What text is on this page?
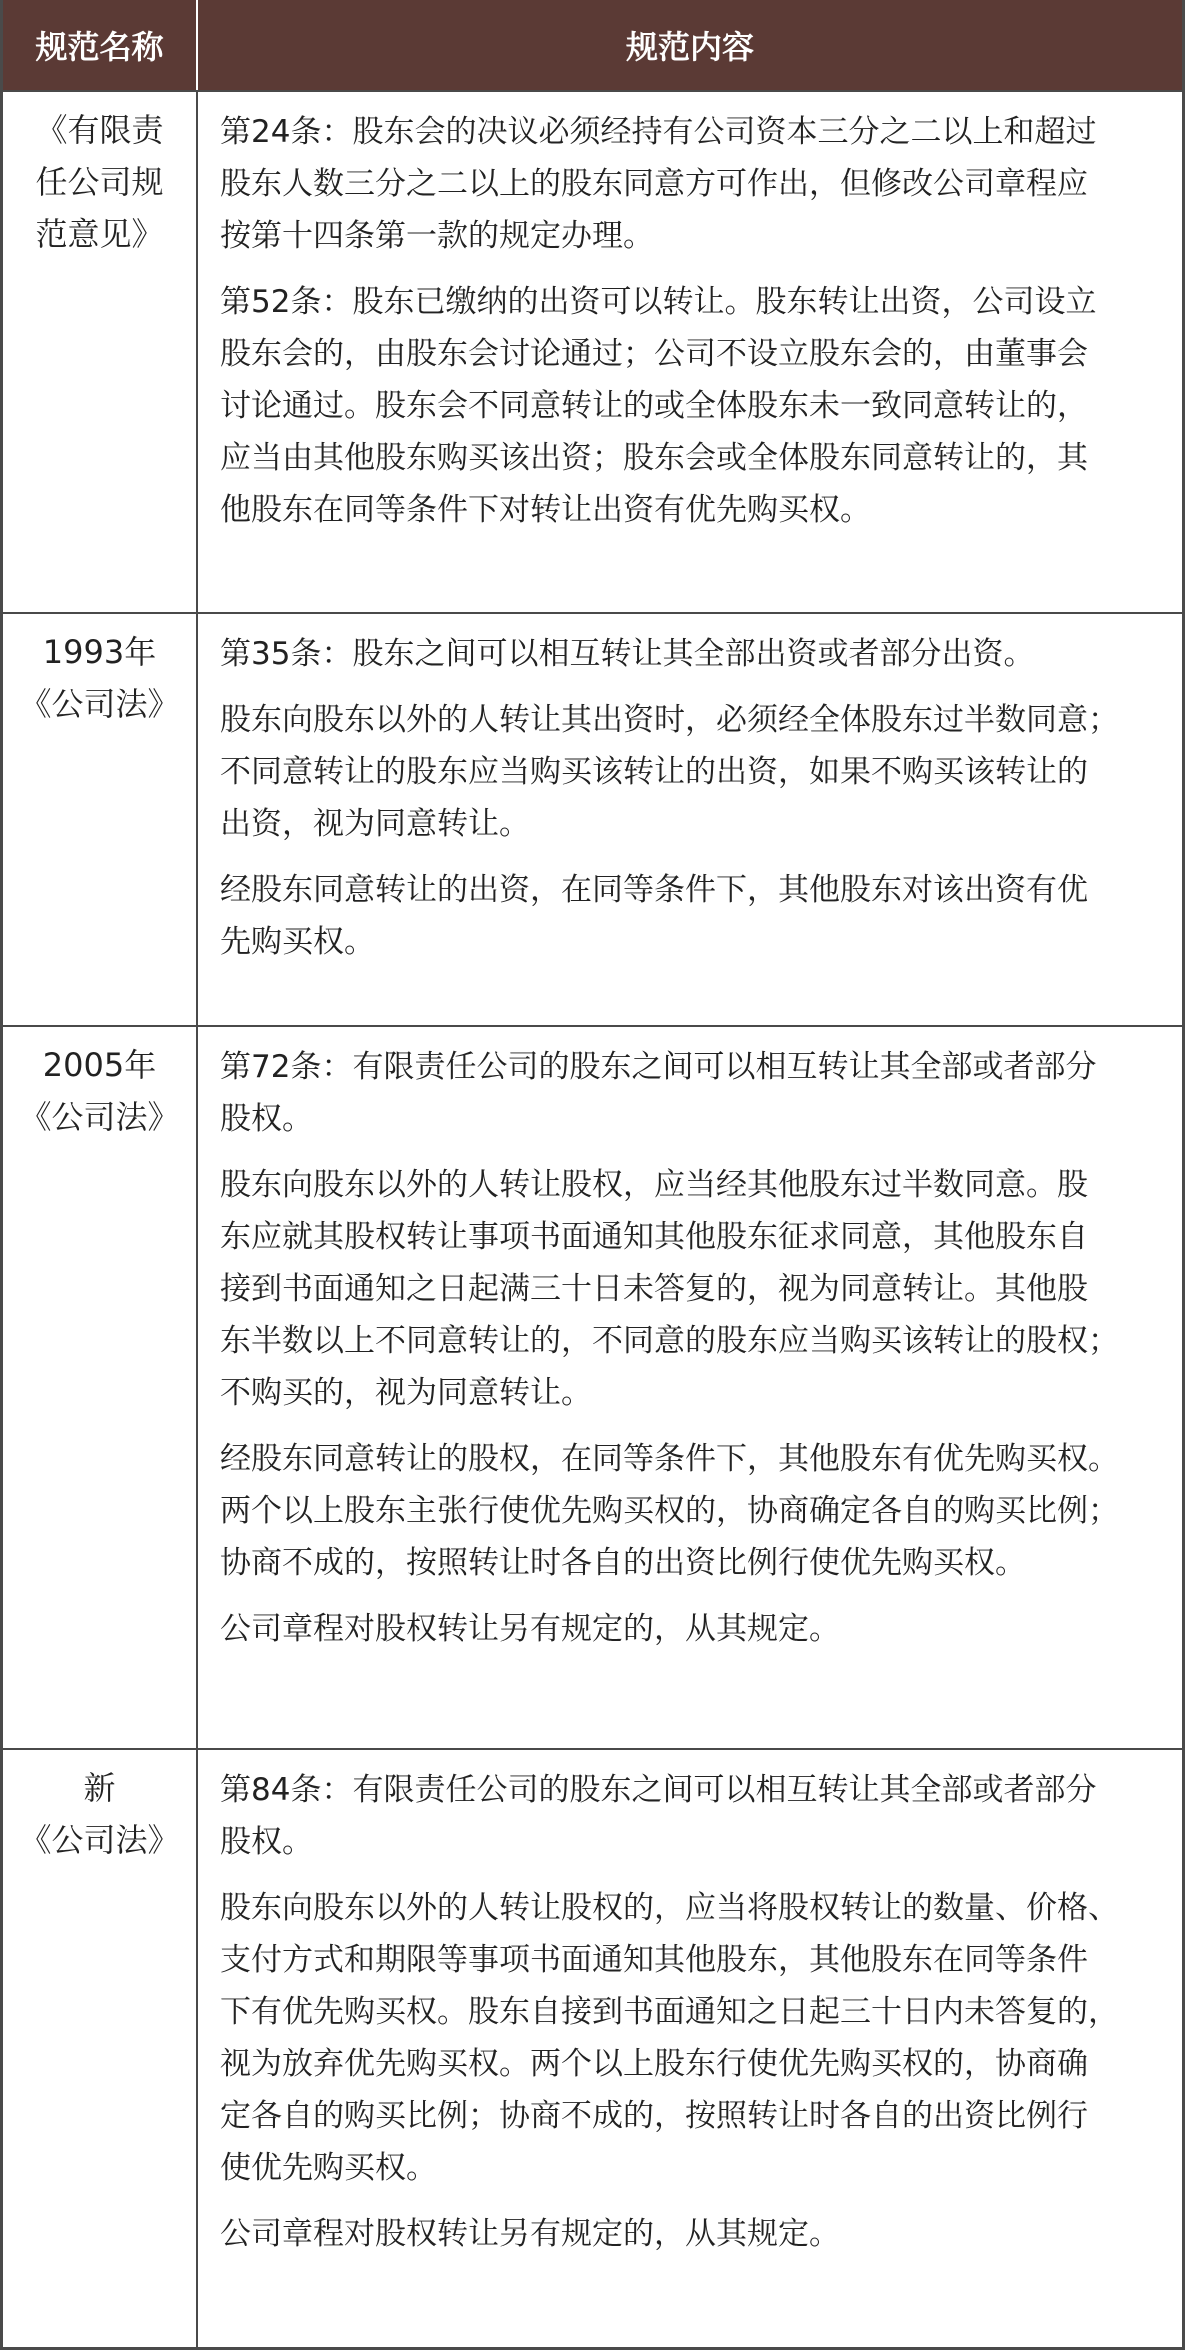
规范名称	规范内容
《有限责
任公司规
范意见》
第24条：股东会的决议必须经持有公司资本三分之二以上和超过
股东人数三分之二以上的股东同意方可作出，但修改公司章程应
按第十四条第一款的规定办理。
第52条：股东已缴纳的出资可以转让。股东转让出资，公司设立
股东会的，由股东会讨论通过；公司不设立股东会的，由董事会
讨论通过。股东会不同意转让的或全体股东未一致同意转让的，
应当由其他股东购买该出资；股东会或全体股东同意转让的，其
他股东在同等条件下对转让出资有优先购买权。
1993年
《公司法》
第35条：股东之间可以相互转让其全部出资或者部分出资。
股东向股东以外的人转让其出资时，必须经全体股东过半数同意；
不同意转让的股东应当购买该转让的出资，如果不购买该转让的
出资，视为同意转让。
经股东同意转让的出资，在同等条件下，其他股东对该出资有优
先购买权。
2005年
《公司法》
第72条：有限责任公司的股东之间可以相互转让其全部或者部分
股权。
股东向股东以外的人转让股权，应当经其他股东过半数同意。股
东应就其股权转让事项书面通知其他股东征求同意，其他股东自
接到书面通知之日起满三十日未答复的，视为同意转让。其他股
东半数以上不同意转让的，不同意的股东应当购买该转让的股权；
不购买的，视为同意转让。
经股东同意转让的股权，在同等条件下，其他股东有优先购买权。
两个以上股东主张行使优先购买权的，协商确定各自的购买比例；
协商不成的，按照转让时各自的出资比例行使优先购买权。
公司章程对股权转让另有规定的，从其规定。
新
《公司法》
第84条：有限责任公司的股东之间可以相互转让其全部或者部分
股权。
股东向股东以外的人转让股权的，应当将股权转让的数量、价格、
支付方式和期限等事项书面通知其他股东，其他股东在同等条件
下有优先购买权。股东自接到书面通知之日起三十日内未答复的，
视为放弃优先购买权。两个以上股东行使优先购买权的，协商确
定各自的购买比例；协商不成的，按照转让时各自的出资比例行
使优先购买权。
公司章程对股权转让另有规定的，从其规定。
